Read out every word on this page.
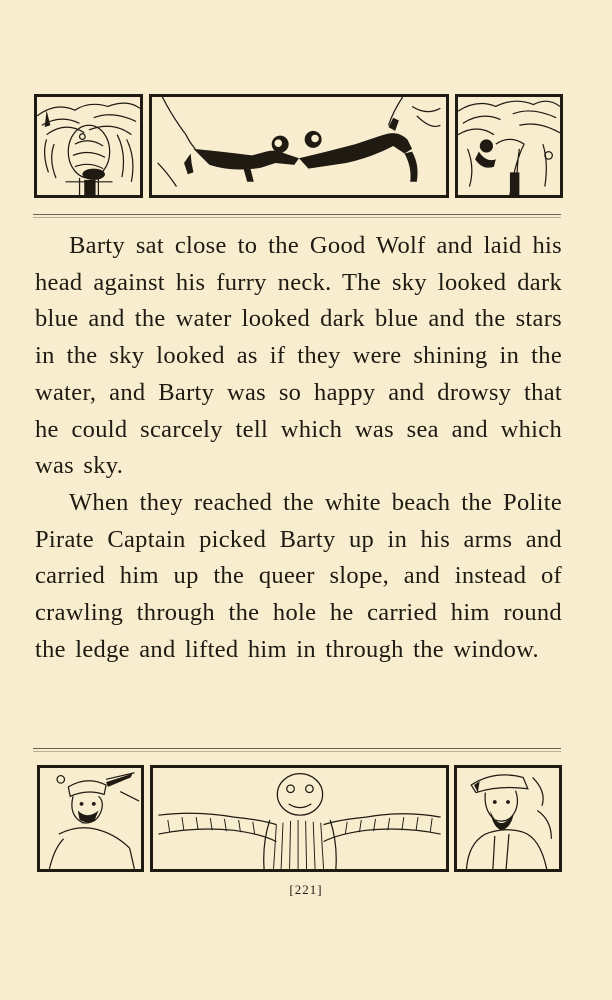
Barty sat close to the Good Wolf and laid his head against his furry neck. The sky looked dark blue and the water looked dark blue and the stars in the sky looked as if they were shining in the water, and Barty was so happy and drowsy that he could scarcely tell which was sea and which was sky.

When they reached the white beach the Polite Pirate Captain picked Barty up in his arms and carried him up the queer slope, and instead of crawling through the hole he carried him round the ledge and lifted him in through the window.

[221]
